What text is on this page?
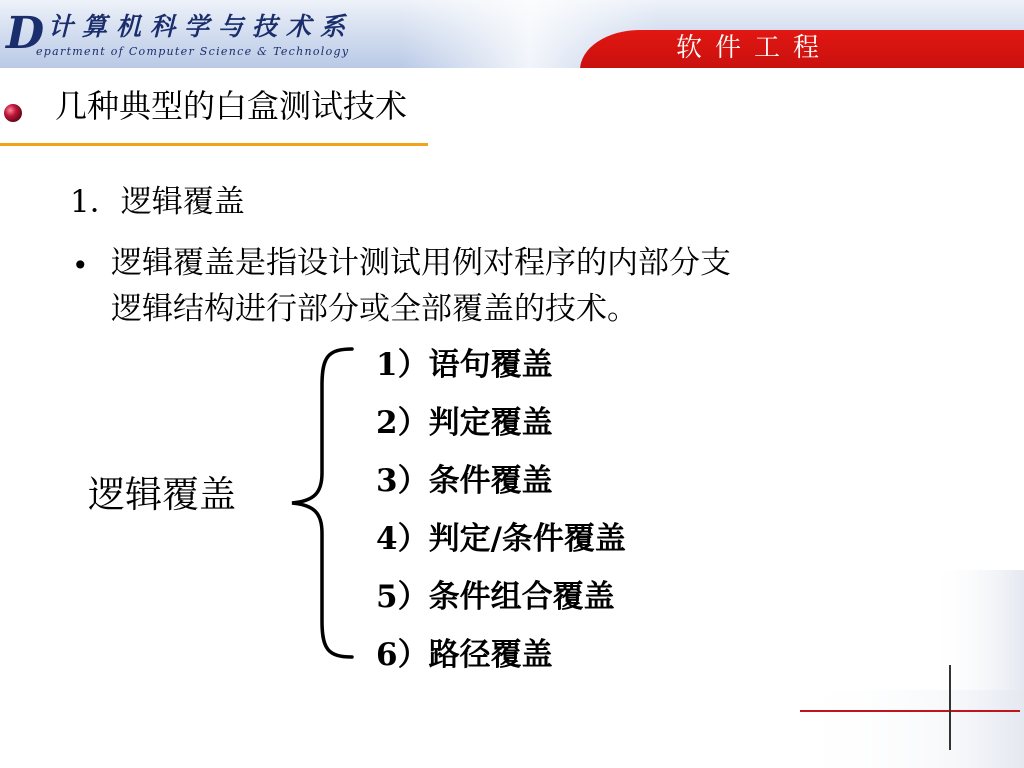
D 计算机科学与技术系
epartment of Computer Science & Technology	软件工程
几种典型的白盒测试技术
1．逻辑覆盖
• 逻辑覆盖是指设计测试用例对程序的内部分支
逻辑结构进行部分或全部覆盖的技术。
逻辑覆盖
1）语句覆盖
2）判定覆盖
3）条件覆盖
4）判定/条件覆盖
5）条件组合覆盖
6）路径覆盖
